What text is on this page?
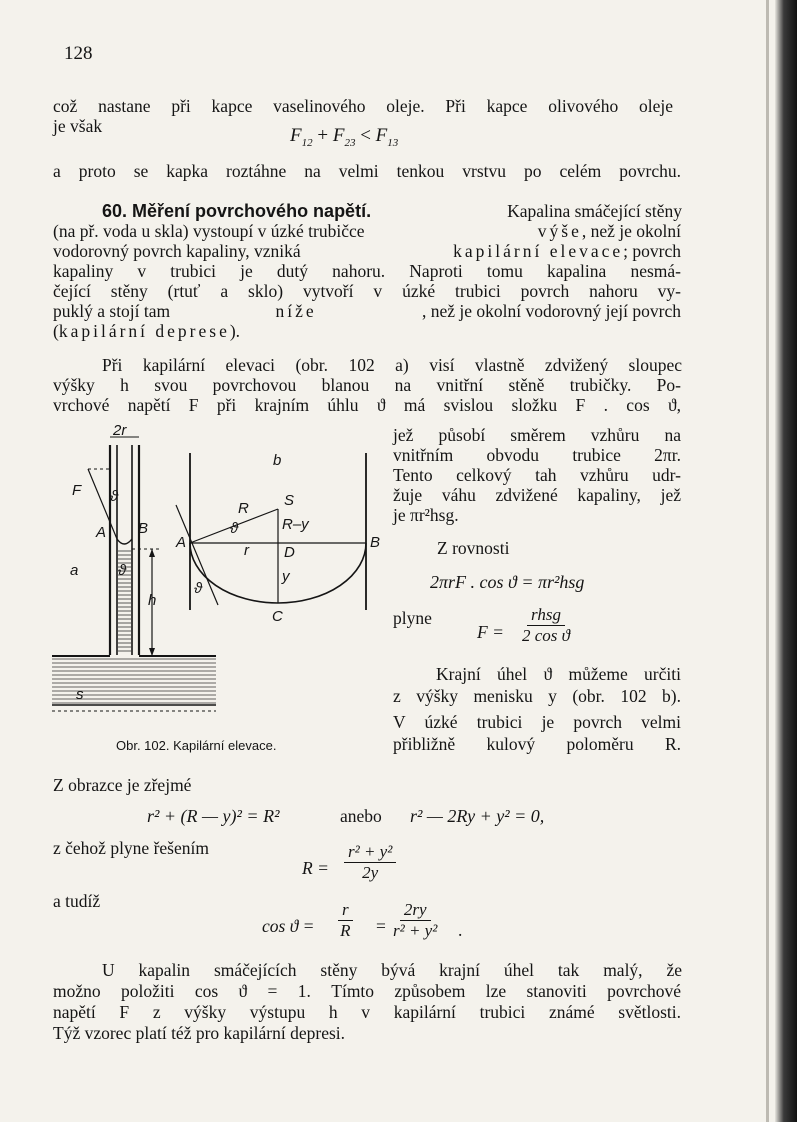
128
což nastane při kapce vaselinového oleje. Při kapce olivového oleje
je však	$F_{12} + F_{23} < F_{13}$
a proto se kapka roztáhne na velmi tenkou vrstvu po celém povrchu.
60. Měření povrchového napětí.	Kapalina smáčející stěny
(na př. voda u skla) vystoupí v úzké trubičce	výše, než je okolní
vodorovný povrch kapaliny, vzniká	kapilární elevace; povrch
kapaliny v trubici je dutý nahoru. Naproti tomu kapalina nesmá-
čející stěny (rtuť a sklo) vytvoří v úzké trubici povrch nahoru vy-
puklý a stojí tam	níže	, než je okolní vodorovný její povrch
(kapilární deprese).
Při kapilární elevaci (obr. 102 a) visí vlastně zdvižený sloupec
výšky h svou povrchovou blanou na vnitřní stěně trubičky. Po-
vrchové napětí F při krajním úhlu ϑ má svislou složku F . cos ϑ,
jež působí směrem vzhůru na
vnitřním obvodu trubice 2πr.
Tento celkový tah vzhůru udr-
žuje váhu zdvižené kapaliny, jež
je πr²hsg.
Z rovnosti
2πrF . cos ϑ = πr²hsg
plyne
F =
rhsg
2 cos ϑ
Krajní úhel ϑ můžeme určiti
z výšky menisku y (obr. 102 b).
V úzké trubici je povrch velmi
přibližně kulový poloměru R.
2r
F ϑ
A B
a	ϑ
h
s
b
R S
R–y
ϑ
A	r D
B
y
ϑ
C
Obr. 102. Kapilární elevace.
Z obrazce je zřejmé
r² + (R — y)² = R²	anebo r² — 2Ry + y² = 0,
z čehož plyne řešením
$R = \frac{\text{r² + y²}}{2y}$
a tudíž
$\cos ϑ = \frac{r}{R} = \frac{2ry}{\text{r² + y²}}$ .
U kapalin smáčejících stěny bývá krajní úhel tak malý, že
možno položiti cos ϑ = 1. Tímto způsobem lze stanoviti povrchové
napětí F z výšky výstupu h v kapilární trubici známé světlosti.
Týž vzorec platí též pro kapilární depresi.
